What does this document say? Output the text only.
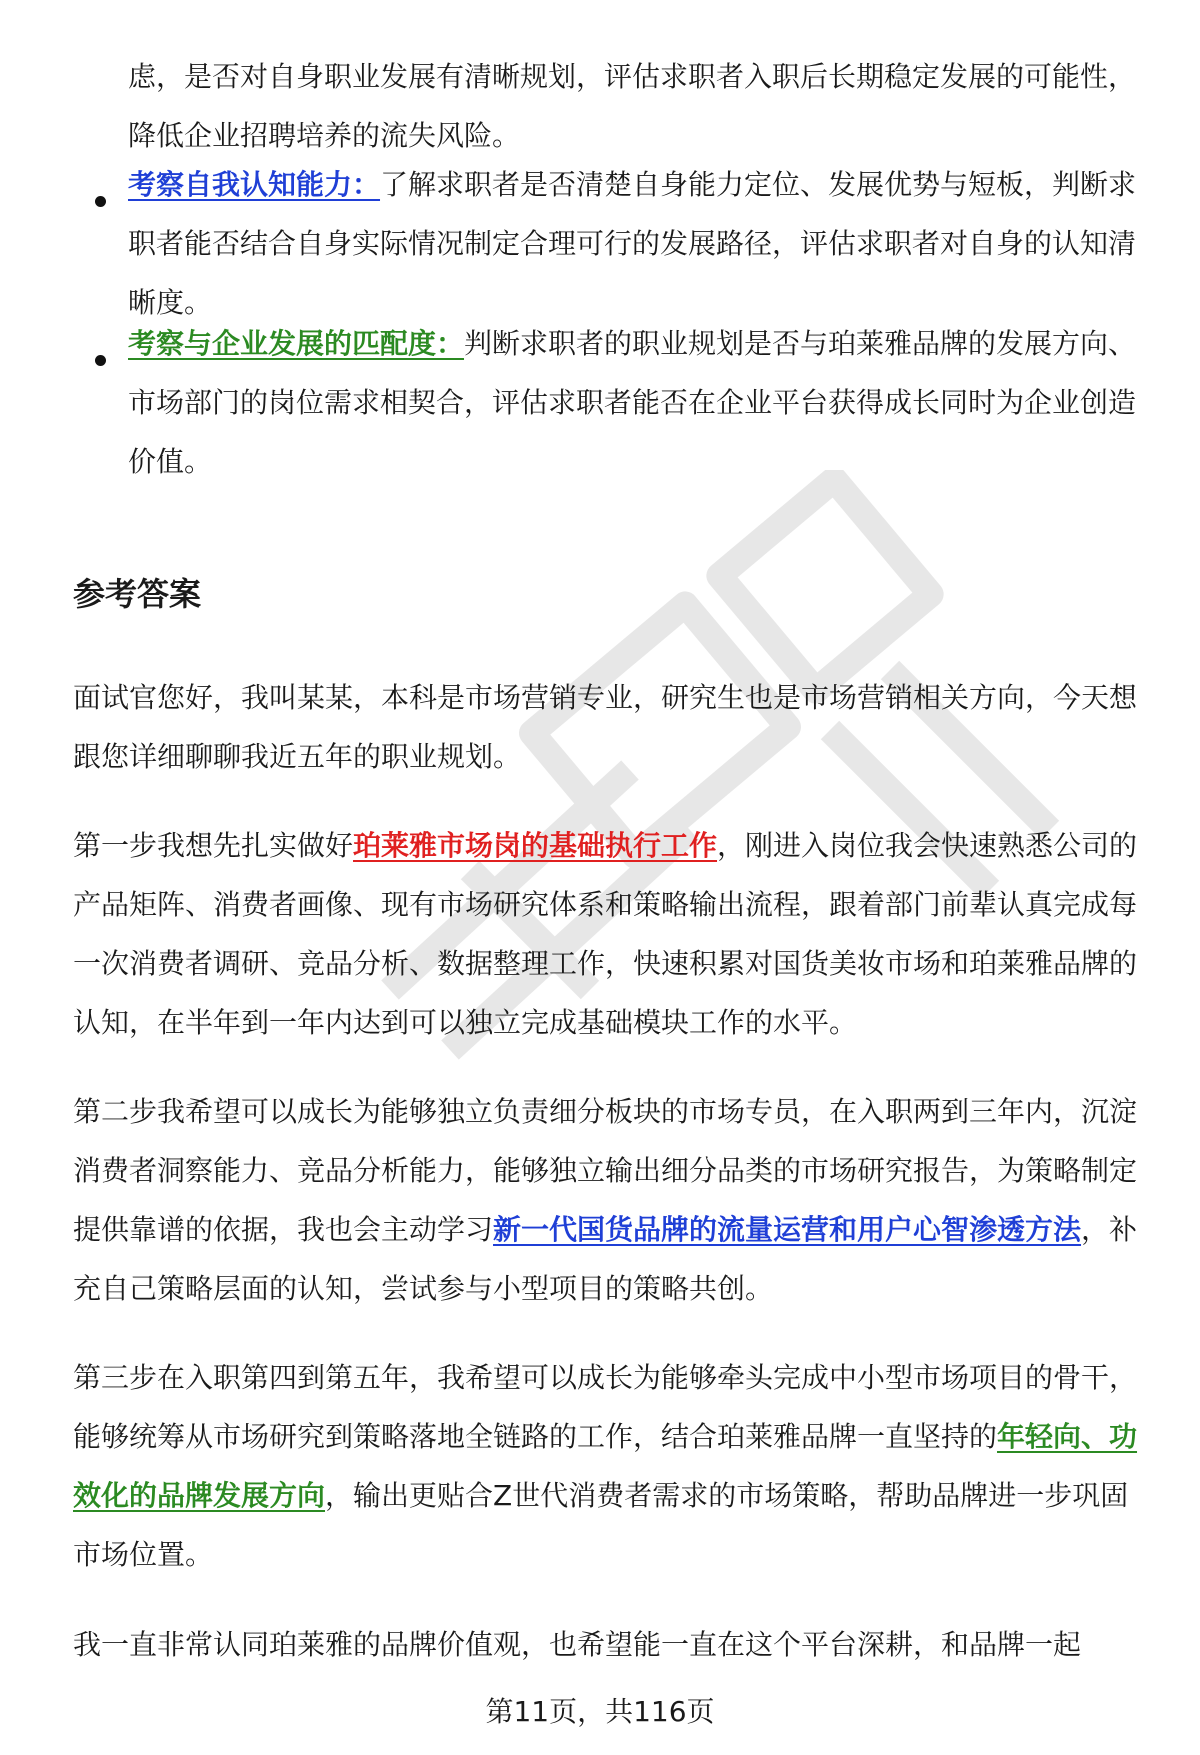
虑，是否对自身职业发展有清晰规划，评估求职者入职后长期稳定发展的可能性，降低企业招聘培养的流失风险。

考察自我认知能力：了解求职者是否清楚自身能力定位、发展优势与短板，判断求职者能否结合自身实际情况制定合理可行的发展路径，评估求职者对自身的认知清晰度。

考察与企业发展的匹配度：判断求职者的职业规划是否与珀莱雅品牌的发展方向、市场部门的岗位需求相契合，评估求职者能否在企业平台获得成长同时为企业创造价值。

参考答案

面试官您好，我叫某某，本科是市场营销专业，研究生也是市场营销相关方向，今天想跟您详细聊聊我近五年的职业规划。

第一步我想先扎实做好珀莱雅市场岗的基础执行工作，刚进入岗位我会快速熟悉公司的产品矩阵、消费者画像、现有市场研究体系和策略输出流程，跟着部门前辈认真完成每一次消费者调研、竞品分析、数据整理工作，快速积累对国货美妆市场和珀莱雅品牌的认知，在半年到一年内达到可以独立完成基础模块工作的水平。

第二步我希望可以成长为能够独立负责细分板块的市场专员，在入职两到三年内，沉淀消费者洞察能力、竞品分析能力，能够独立输出细分品类的市场研究报告，为策略制定提供靠谱的依据，我也会主动学习新一代国货品牌的流量运营和用户心智渗透方法，补充自己策略层面的认知，尝试参与小型项目的策略共创。

第三步在入职第四到第五年，我希望可以成长为能够牵头完成中小型市场项目的骨干，能够统筹从市场研究到策略落地全链路的工作，结合珀莱雅品牌一直坚持的年轻向、功效化的品牌发展方向，输出更贴合Z世代消费者需求的市场策略，帮助品牌进一步巩固市场位置。

我一直非常认同珀莱雅的品牌价值观，也希望能一直在这个平台深耕，和品牌一起

第11页，共116页
